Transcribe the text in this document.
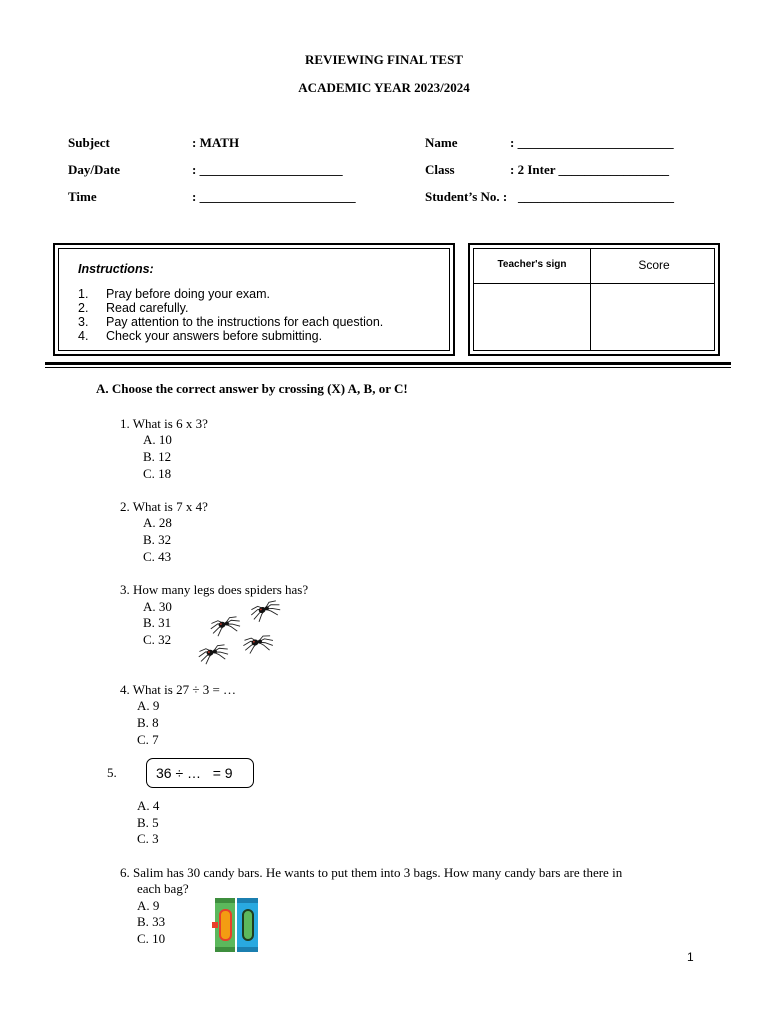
REVIEWING FINAL TEST
ACADEMIC YEAR 2023/2024
Subject	: MATH
Day/Date	: ______________________
Time	: ________________________
Name	: ________________________
Class	: 2 Inter _________________
Student’s No. : ________________________
Instructions:
1. Pray before doing your exam.
2. Read carefully.
3. Pay attention to the instructions for each question.
4. Check your answers before submitting.
Teacher's sign	Score
A. Choose the correct answer by crossing (X) A, B, or C!
1. What is 6 x 3?
A. 10
B. 12
C. 18
2. What is 7 x 4?
A. 28
B. 32
C. 43
3. How many legs does spiders has?
A. 30
B. 31
C. 32
4. What is 27 ÷ 3 = …
A. 9
B. 8
C. 7
5.	36 ÷ …   = 9
A. 4
B. 5
C. 3
6. Salim has 30 candy bars. He wants to put them into 3 bags. How many candy bars are there in
each bag?
A. 9
B. 33
C. 10
1
